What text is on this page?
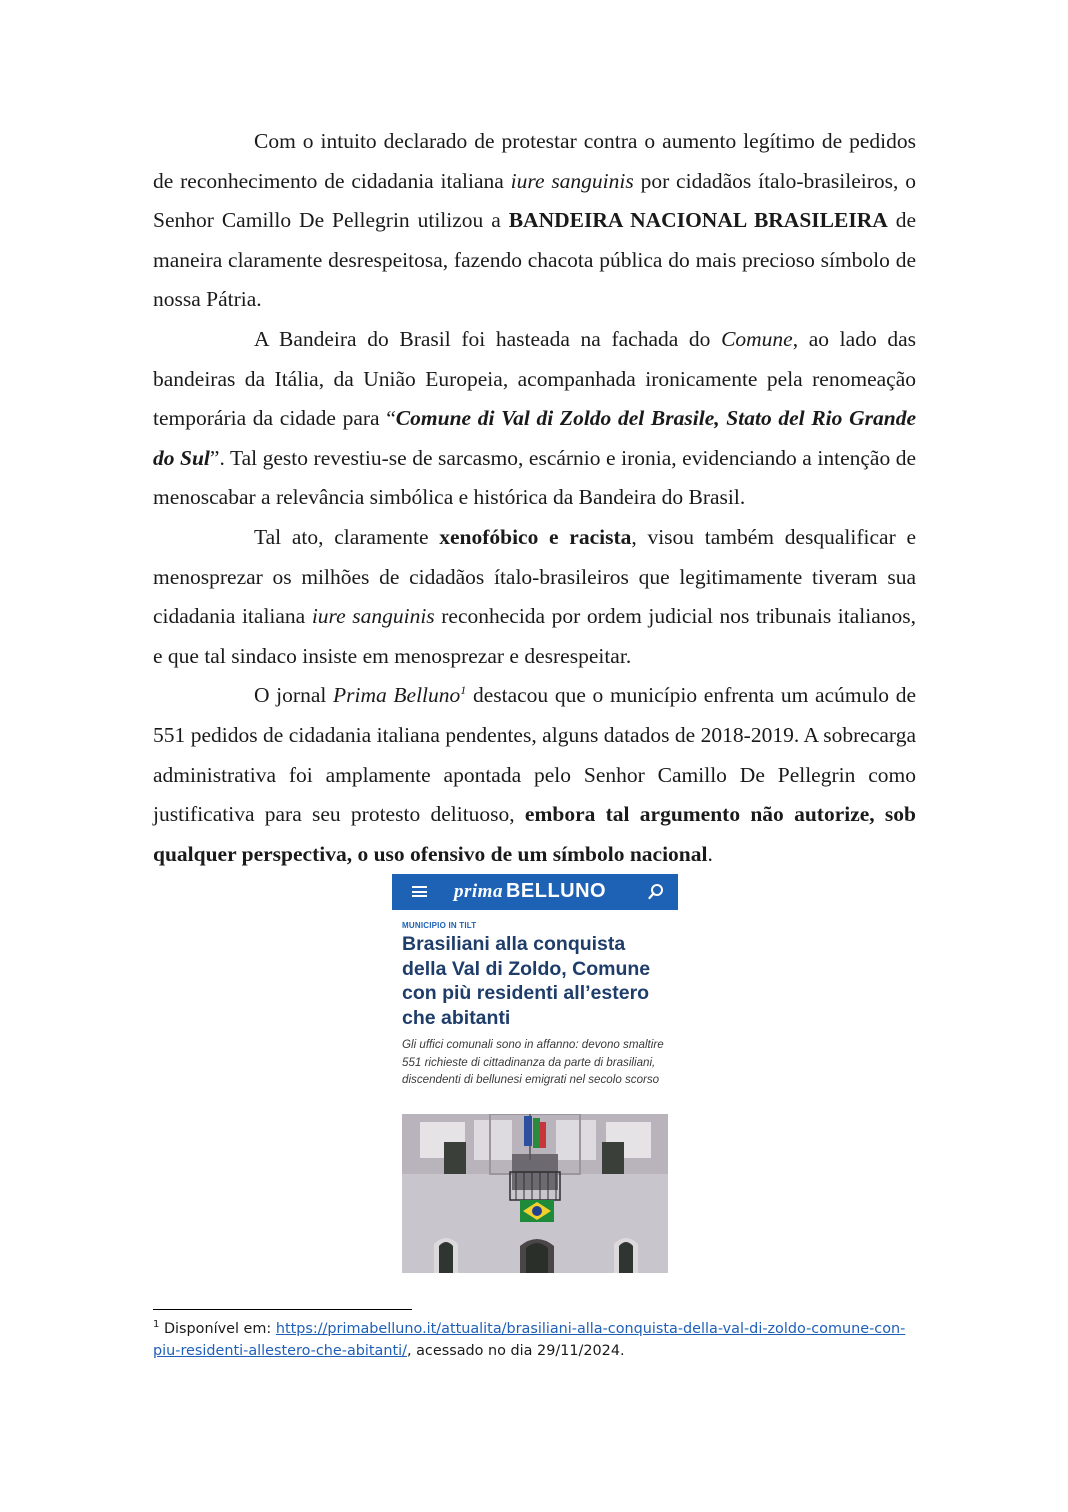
Com o intuito declarado de protestar contra o aumento legítimo de pedidos de reconhecimento de cidadania italiana iure sanguinis por cidadãos ítalo-brasileiros, o Senhor Camillo De Pellegrin utilizou a BANDEIRA NACIONAL BRASILEIRA de maneira claramente desrespeitosa, fazendo chacota pública do mais precioso símbolo de nossa Pátria.

A Bandeira do Brasil foi hasteada na fachada do Comune, ao lado das bandeiras da Itália, da União Europeia, acompanhada ironicamente pela renomeação temporária da cidade para “Comune di Val di Zoldo del Brasile, Stato del Rio Grande do Sul”. Tal gesto revestiu-se de sarcasmo, escárnio e ironia, evidenciando a intenção de menoscabar a relevância simbólica e histórica da Bandeira do Brasil.

Tal ato, claramente xenofóbico e racista, visou também desqualificar e menosprezar os milhões de cidadãos ítalo-brasileiros que legitimamente tiveram sua cidadania italiana iure sanguinis reconhecida por ordem judicial nos tribunais italianos, e que tal sindaco insiste em menosprezar e desrespeitar.

O jornal Prima Belluno$^1$ destacou que o município enfrenta um acúmulo de 551 pedidos de cidadania italiana pendentes, alguns datados de 2018-2019. A sobrecarga administrativa foi amplamente apontada pelo Senhor Camillo De Pellegrin como justificativa para seu protesto delituoso, embora tal argumento não autorize, sob qualquer perspectiva, o uso ofensivo de um símbolo nacional.

prima BELLUNO
MUNICIPIO IN TILT
Brasiliani alla conquista della Val di Zoldo, Comune con più residenti all’estero che abitanti
Gli uffici comunali sono in affanno: devono smaltire 551 richieste di cittadinanza da parte di brasiliani, discendenti di bellunesi emigrati nel secolo scorso
$^1$ Disponível em: https://primabelluno.it/attualita/brasiliani-alla-conquista-della-val-di-zoldo-comune-con-piu-residenti-allestero-che-abitanti/, acessado no dia 29/11/2024.
